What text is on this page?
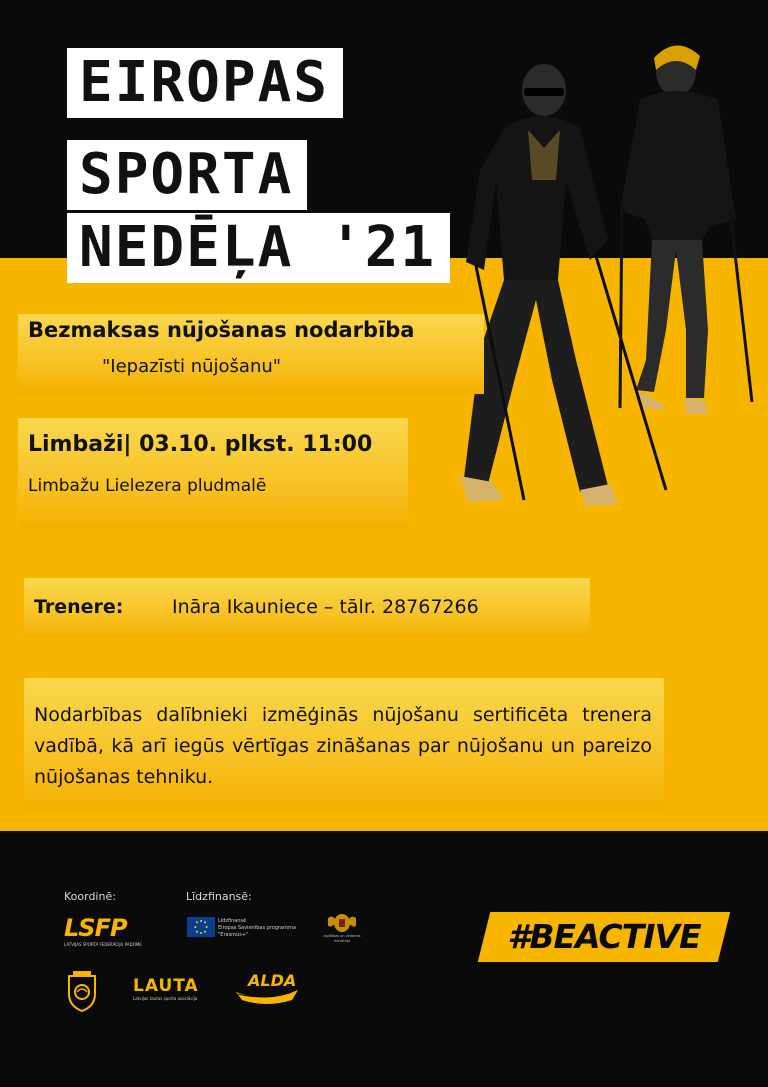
EIROPAS
SPORTA
NEDĒĻA '21
Bezmaksas nūjošanas nodarbība
"Iepazīsti nūjošanu"
Limbaži| 03.10. plkst. 11:00
Limbažu Lielezera pludmalē
Trenere:	Ināra Ikauniece – tālr. 28767266
Nodarbības dalībnieki izmēģinās nūjošanu sertificēta trenera vadībā, kā arī iegūs vērtīgas zināšanas par nūjošanu un pareizo nūjošanas tehniku.
Koordinē:	Līdzfinansē:
LSFP
LATVIJAS SPORTA FEDERĀCIJU PADOME
Līdzfinansē
Eiropas Savienības programma
"Erasmus+"	Izglītības un zinātnes
ministrija	#BEACTIVE
LAUTA
Latvijas tautas sporta asociācija
ALDA
